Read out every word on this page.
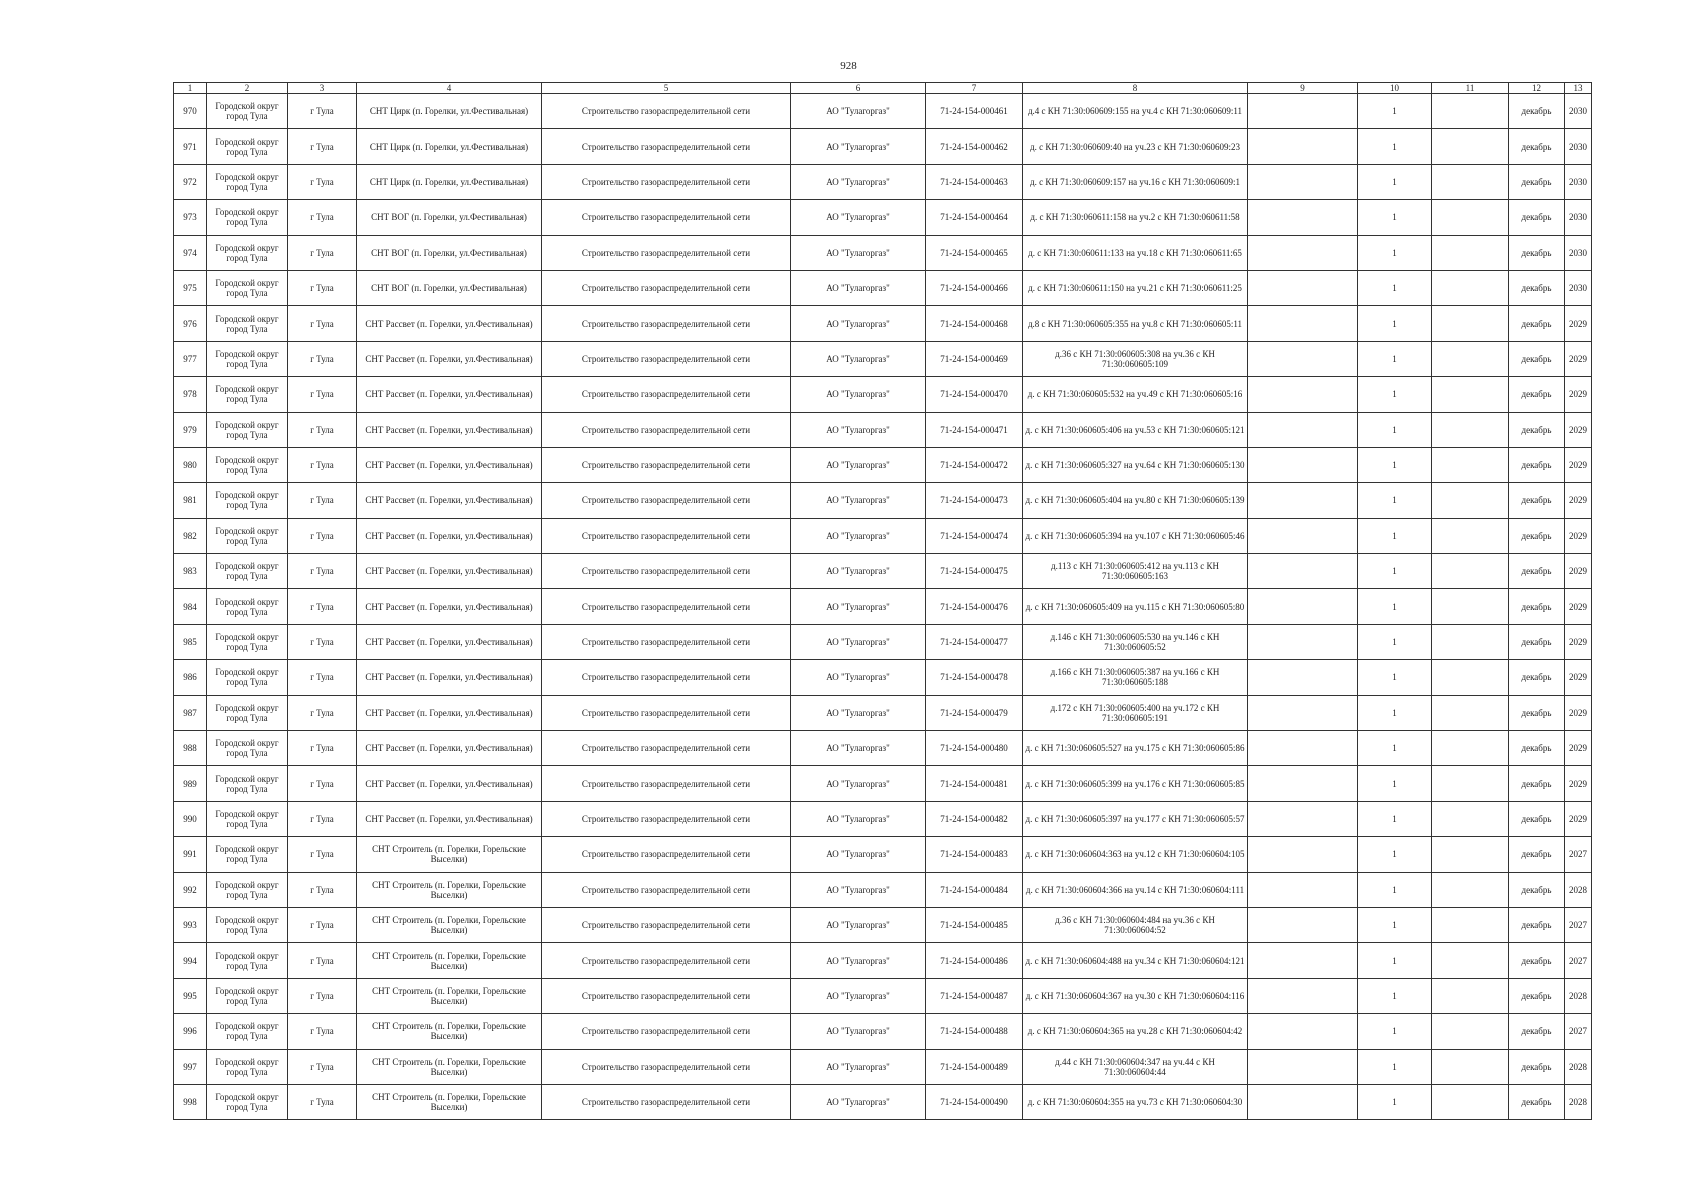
928
1	2	3	4	5	6	7	8	9	10	11	12	13
970	Городской округ город Тула	г Тула	СНТ Цирк (п. Горелки, ул.Фестивальная)	Строительство газораспределительной сети	АО "Тулагоргаз"	71-24-154-000461	д.4 с КН 71:30:060609:155 на уч.4 с КН 71:30:060609:11		1		декабрь	2030
971	Городской округ город Тула	г Тула	СНТ Цирк (п. Горелки, ул.Фестивальная)	Строительство газораспределительной сети	АО "Тулагоргаз"	71-24-154-000462	д. с КН 71:30:060609:40 на уч.23 с КН 71:30:060609:23		1		декабрь	2030
972	Городской округ город Тула	г Тула	СНТ Цирк (п. Горелки, ул.Фестивальная)	Строительство газораспределительной сети	АО "Тулагоргаз"	71-24-154-000463	д. с КН 71:30:060609:157 на уч.16 с КН 71:30:060609:1		1		декабрь	2030
973	Городской округ город Тула	г Тула	СНТ ВОГ (п. Горелки, ул.Фестивальная)	Строительство газораспределительной сети	АО "Тулагоргаз"	71-24-154-000464	д. с КН 71:30:060611:158 на уч.2 с КН 71:30:060611:58		1		декабрь	2030
974	Городской округ город Тула	г Тула	СНТ ВОГ (п. Горелки, ул.Фестивальная)	Строительство газораспределительной сети	АО "Тулагоргаз"	71-24-154-000465	д. с КН 71:30:060611:133 на уч.18 с КН 71:30:060611:65		1		декабрь	2030
975	Городской округ город Тула	г Тула	СНТ ВОГ (п. Горелки, ул.Фестивальная)	Строительство газораспределительной сети	АО "Тулагоргаз"	71-24-154-000466	д. с КН 71:30:060611:150 на уч.21 с КН 71:30:060611:25		1		декабрь	2030
976	Городской округ город Тула	г Тула	СНТ Рассвет (п. Горелки, ул.Фестивальная)	Строительство газораспределительной сети	АО "Тулагоргаз"	71-24-154-000468	д.8 с КН 71:30:060605:355 на уч.8 с КН 71:30:060605:11		1		декабрь	2029
977	Городской округ город Тула	г Тула	СНТ Рассвет (п. Горелки, ул.Фестивальная)	Строительство газораспределительной сети	АО "Тулагоргаз"	71-24-154-000469	д.36 с КН 71:30:060605:308 на уч.36 с КН 71:30:060605:109		1		декабрь	2029
978	Городской округ город Тула	г Тула	СНТ Рассвет (п. Горелки, ул.Фестивальная)	Строительство газораспределительной сети	АО "Тулагоргаз"	71-24-154-000470	д. с КН 71:30:060605:532 на уч.49 с КН 71:30:060605:16		1		декабрь	2029
979	Городской округ город Тула	г Тула	СНТ Рассвет (п. Горелки, ул.Фестивальная)	Строительство газораспределительной сети	АО "Тулагоргаз"	71-24-154-000471	д. с КН 71:30:060605:406 на уч.53 с КН 71:30:060605:121		1		декабрь	2029
980	Городской округ город Тула	г Тула	СНТ Рассвет (п. Горелки, ул.Фестивальная)	Строительство газораспределительной сети	АО "Тулагоргаз"	71-24-154-000472	д. с КН 71:30:060605:327 на уч.64 с КН 71:30:060605:130		1		декабрь	2029
981	Городской округ город Тула	г Тула	СНТ Рассвет (п. Горелки, ул.Фестивальная)	Строительство газораспределительной сети	АО "Тулагоргаз"	71-24-154-000473	д. с КН 71:30:060605:404 на уч.80 с КН 71:30:060605:139		1		декабрь	2029
982	Городской округ город Тула	г Тула	СНТ Рассвет (п. Горелки, ул.Фестивальная)	Строительство газораспределительной сети	АО "Тулагоргаз"	71-24-154-000474	д. с КН 71:30:060605:394 на уч.107 с КН 71:30:060605:46		1		декабрь	2029
983	Городской округ город Тула	г Тула	СНТ Рассвет (п. Горелки, ул.Фестивальная)	Строительство газораспределительной сети	АО "Тулагоргаз"	71-24-154-000475	д.113 с КН 71:30:060605:412 на уч.113 с КН 71:30:060605:163		1		декабрь	2029
984	Городской округ город Тула	г Тула	СНТ Рассвет (п. Горелки, ул.Фестивальная)	Строительство газораспределительной сети	АО "Тулагоргаз"	71-24-154-000476	д. с КН 71:30:060605:409 на уч.115 с КН 71:30:060605:80		1		декабрь	2029
985	Городской округ город Тула	г Тула	СНТ Рассвет (п. Горелки, ул.Фестивальная)	Строительство газораспределительной сети	АО "Тулагоргаз"	71-24-154-000477	д.146 с КН 71:30:060605:530 на уч.146 с КН 71:30:060605:52		1		декабрь	2029
986	Городской округ город Тула	г Тула	СНТ Рассвет (п. Горелки, ул.Фестивальная)	Строительство газораспределительной сети	АО "Тулагоргаз"	71-24-154-000478	д.166 с КН 71:30:060605:387 на уч.166 с КН 71:30:060605:188		1		декабрь	2029
987	Городской округ город Тула	г Тула	СНТ Рассвет (п. Горелки, ул.Фестивальная)	Строительство газораспределительной сети	АО "Тулагоргаз"	71-24-154-000479	д.172 с КН 71:30:060605:400 на уч.172 с КН 71:30:060605:191		1		декабрь	2029
988	Городской округ город Тула	г Тула	СНТ Рассвет (п. Горелки, ул.Фестивальная)	Строительство газораспределительной сети	АО "Тулагоргаз"	71-24-154-000480	д. с КН 71:30:060605:527 на уч.175 с КН 71:30:060605:86		1		декабрь	2029
989	Городской округ город Тула	г Тула	СНТ Рассвет (п. Горелки, ул.Фестивальная)	Строительство газораспределительной сети	АО "Тулагоргаз"	71-24-154-000481	д. с КН 71:30:060605:399 на уч.176 с КН 71:30:060605:85		1		декабрь	2029
990	Городской округ город Тула	г Тула	СНТ Рассвет (п. Горелки, ул.Фестивальная)	Строительство газораспределительной сети	АО "Тулагоргаз"	71-24-154-000482	д. с КН 71:30:060605:397 на уч.177 с КН 71:30:060605:57		1		декабрь	2029
991	Городской округ город Тула	г Тула	СНТ Строитель (п. Горелки, Горельские Выселки)	Строительство газораспределительной сети	АО "Тулагоргаз"	71-24-154-000483	д. с КН 71:30:060604:363 на уч.12 с КН 71:30:060604:105		1		декабрь	2027
992	Городской округ город Тула	г Тула	СНТ Строитель (п. Горелки, Горельские Выселки)	Строительство газораспределительной сети	АО "Тулагоргаз"	71-24-154-000484	д. с КН 71:30:060604:366 на уч.14 с КН 71:30:060604:111		1		декабрь	2028
993	Городской округ город Тула	г Тула	СНТ Строитель (п. Горелки, Горельские Выселки)	Строительство газораспределительной сети	АО "Тулагоргаз"	71-24-154-000485	д.36 с КН 71:30:060604:484 на уч.36 с КН 71:30:060604:52		1		декабрь	2027
994	Городской округ город Тула	г Тула	СНТ Строитель (п. Горелки, Горельские Выселки)	Строительство газораспределительной сети	АО "Тулагоргаз"	71-24-154-000486	д. с КН 71:30:060604:488 на уч.34 с КН 71:30:060604:121		1		декабрь	2027
995	Городской округ город Тула	г Тула	СНТ Строитель (п. Горелки, Горельские Выселки)	Строительство газораспределительной сети	АО "Тулагоргаз"	71-24-154-000487	д. с КН 71:30:060604:367 на уч.30 с КН 71:30:060604:116		1		декабрь	2028
996	Городской округ город Тула	г Тула	СНТ Строитель (п. Горелки, Горельские Выселки)	Строительство газораспределительной сети	АО "Тулагоргаз"	71-24-154-000488	д. с КН 71:30:060604:365 на уч.28 с КН 71:30:060604:42		1		декабрь	2027
997	Городской округ город Тула	г Тула	СНТ Строитель (п. Горелки, Горельские Выселки)	Строительство газораспределительной сети	АО "Тулагоргаз"	71-24-154-000489	д.44 с КН 71:30:060604:347 на уч.44 с КН 71:30:060604:44		1		декабрь	2028
998	Городской округ город Тула	г Тула	СНТ Строитель (п. Горелки, Горельские Выселки)	Строительство газораспределительной сети	АО "Тулагоргаз"	71-24-154-000490	д. с КН 71:30:060604:355 на уч.73 с КН 71:30:060604:30		1		декабрь	2028
